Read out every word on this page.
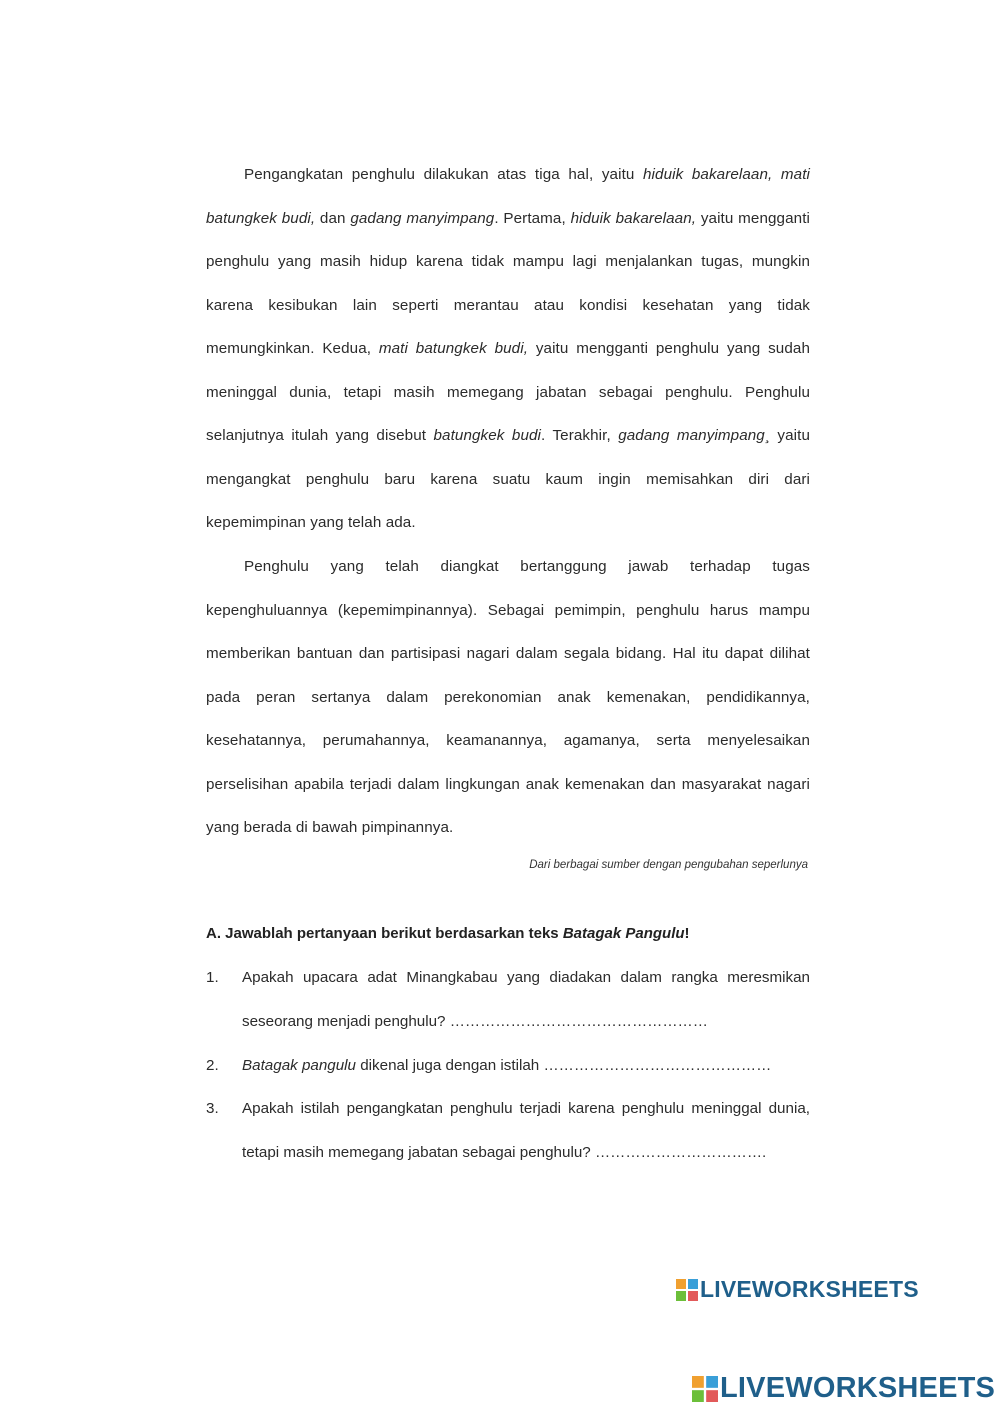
Pengangkatan penghulu dilakukan atas tiga hal, yaitu hiduik bakarelaan, mati batungkek budi, dan gadang manyimpang. Pertama, hiduik bakarelaan, yaitu mengganti penghulu yang masih hidup karena tidak mampu lagi menjalankan tugas, mungkin karena kesibukan lain seperti merantau atau kondisi kesehatan yang tidak memungkinkan. Kedua, mati batungkek budi, yaitu mengganti penghulu yang sudah meninggal dunia, tetapi masih memegang jabatan sebagai penghulu. Penghulu selanjutnya itulah yang disebut batungkek budi. Terakhir, gadang manyimpang¸ yaitu mengangkat penghulu baru karena suatu kaum ingin memisahkan diri dari kepemimpinan yang telah ada.

Penghulu yang telah diangkat bertanggung jawab terhadap tugas kepenghuluannya (kepemimpinannya). Sebagai pemimpin, penghulu harus mampu memberikan bantuan dan partisipasi nagari dalam segala bidang. Hal itu dapat dilihat pada peran sertanya dalam perekonomian anak kemenakan, pendidikannya, kesehatannya, perumahannya, keamanannya, agamanya, serta menyelesaikan perselisihan apabila terjadi dalam lingkungan anak kemenakan dan masyarakat nagari yang berada di bawah pimpinannya.

Dari berbagai sumber dengan pengubahan seperlunya

A. Jawablah pertanyaan berikut berdasarkan teks Batagak Pangulu!

1. Apakah upacara adat Minangkabau yang diadakan dalam rangka meresmikan seseorang menjadi penghulu? ……………………………………………
2. Batagak pangulu dikenal juga dengan istilah ………………………………………
3. Apakah istilah pengangkatan penghulu terjadi karena penghulu meninggal dunia, tetapi masih memegang jabatan sebagai penghulu? …………………………….
LIVEWORKSHEETS
LIVEWORKSHEETS
